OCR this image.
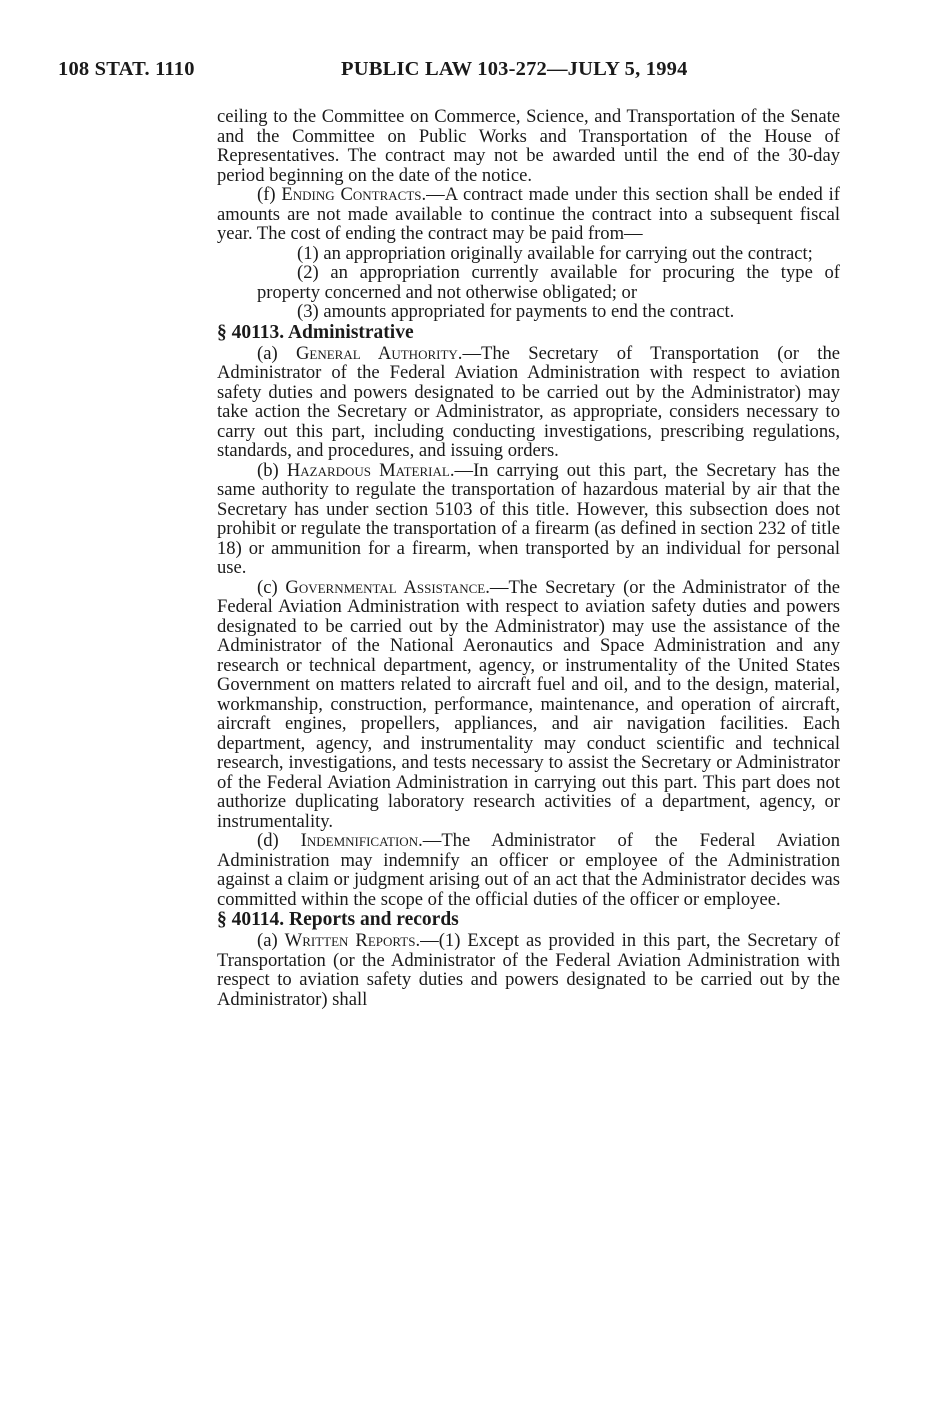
108 STAT. 1110	PUBLIC LAW 103-272—JULY 5, 1994

ceiling to the Committee on Commerce, Science, and Transportation of the Senate and the Committee on Public Works and Transportation of the House of Representatives. The contract may not be awarded until the end of the 30-day period beginning on the date of the notice.

(f) Ending Contracts.—A contract made under this section shall be ended if amounts are not made available to continue the contract into a subsequent fiscal year. The cost of ending the contract may be paid from—

(1) an appropriation originally available for carrying out the contract;

(2) an appropriation currently available for procuring the type of property concerned and not otherwise obligated; or

(3) amounts appropriated for payments to end the contract.

§ 40113. Administrative

(a) General Authority.—The Secretary of Transportation (or the Administrator of the Federal Aviation Administration with respect to aviation safety duties and powers designated to be carried out by the Administrator) may take action the Secretary or Administrator, as appropriate, considers necessary to carry out this part, including conducting investigations, prescribing regulations, standards, and procedures, and issuing orders.

(b) Hazardous Material.—In carrying out this part, the Secretary has the same authority to regulate the transportation of hazardous material by air that the Secretary has under section 5103 of this title. However, this subsection does not prohibit or regulate the transportation of a firearm (as defined in section 232 of title 18) or ammunition for a firearm, when transported by an individual for personal use.

(c) Governmental Assistance.—The Secretary (or the Administrator of the Federal Aviation Administration with respect to aviation safety duties and powers designated to be carried out by the Administrator) may use the assistance of the Administrator of the National Aeronautics and Space Administration and any research or technical department, agency, or instrumentality of the United States Government on matters related to aircraft fuel and oil, and to the design, material, workmanship, construction, performance, maintenance, and operation of aircraft, aircraft engines, propellers, appliances, and air navigation facilities. Each department, agency, and instrumentality may conduct scientific and technical research, investigations, and tests necessary to assist the Secretary or Administrator of the Federal Aviation Administration in carrying out this part. This part does not authorize duplicating laboratory research activities of a department, agency, or instrumentality.

(d) Indemnification.—The Administrator of the Federal Aviation Administration may indemnify an officer or employee of the Administration against a claim or judgment arising out of an act that the Administrator decides was committed within the scope of the official duties of the officer or employee.

§ 40114. Reports and records

(a) Written Reports.—(1) Except as provided in this part, the Secretary of Transportation (or the Administrator of the Federal Aviation Administration with respect to aviation safety duties and powers designated to be carried out by the Administrator) shall
